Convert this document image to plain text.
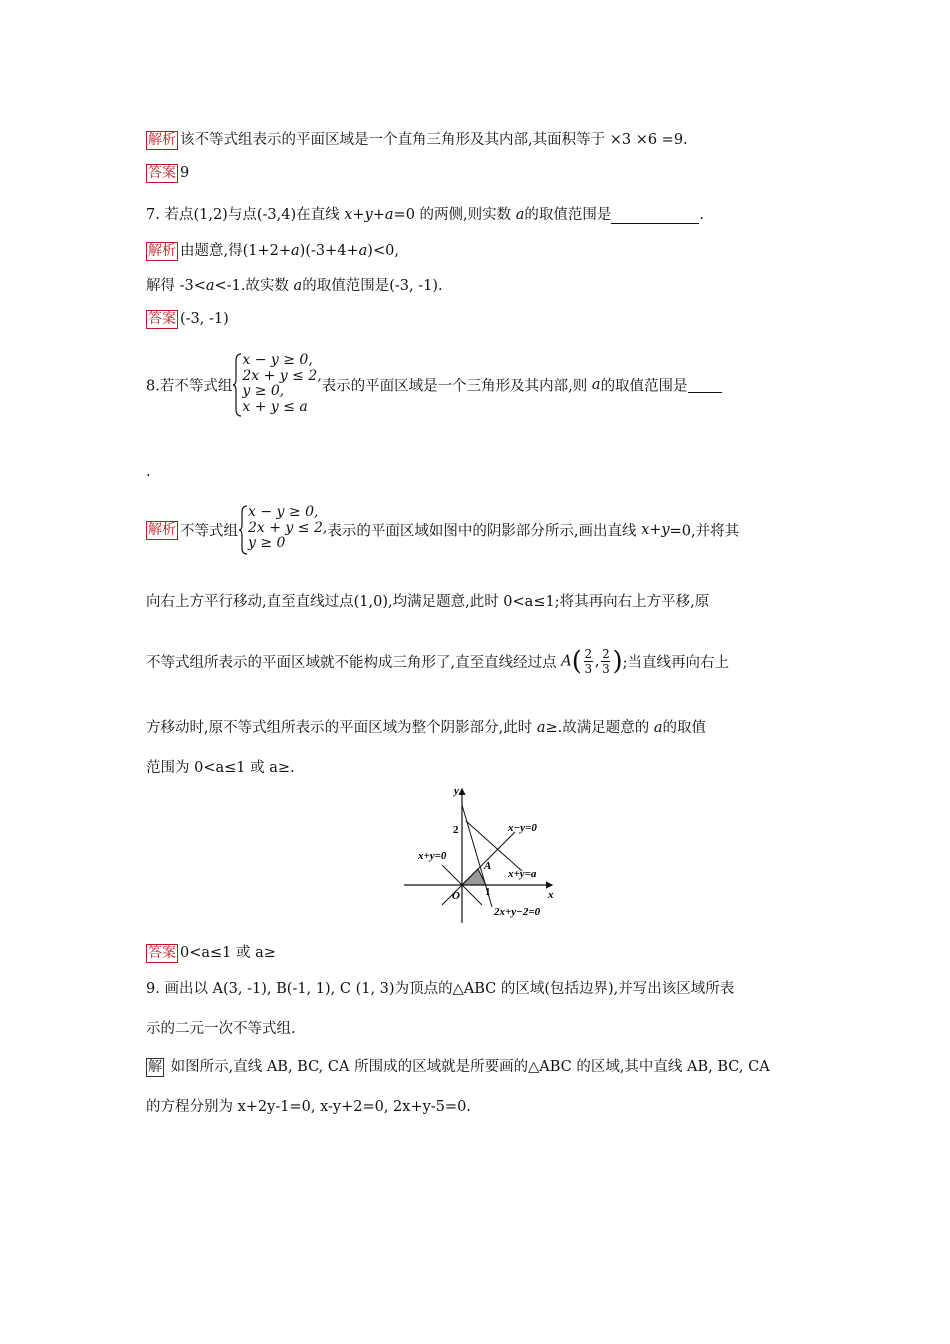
解析 该不等式组表示的平面区域是一个直角三角形及其内部,其面积等于 ×3 ×6 =9.
答案 9
7. 若点(1,2)与点(-3,4)在直线 x+y+a=0 的两侧,则实数 a的取值范围是	.
解析 由题意,得(1+2+a)(-3+4+a)<0,
解得 -3<a<-1.故实数 a的取值范围是(-3, -1).
答案 (-3, -1)
8.若不等式组
x − y ≥ 0,
2x + y ≤ 2,
y ≥ 0,
x + y ≤ a
表示的平面区域是一个三角形及其内部,则 a的取值范围是
.
解析 不等式组
x − y ≥ 0,
2x + y ≤ 2,
y ≥ 0
表示的平面区域如图中的阴影部分所示,画出直线 x+y=0,并将其
向右上方平行移动,直至直线过点(1,0),均满足题意,此时 0<a≤1;将其再向右上方平移,原
不等式组所表示的平面区域就不能构成三角形了,直至直线经过点 $A( \frac{2}{3}$ , $\frac{2}{3}$ );当直线再向右上
方移动时,原不等式组所表示的平面区域为整个阴影部分,此时 a≥.故满足题意的 a的取值
范围为 0<a≤1 或 a≥.
y
x
O
2
1
A
x−y=0
x+y=0
x+y=a
2x+y−2=0
答案 0<a≤1 或 a≥
9. 画出以 A(3, -1), B(-1, 1), C (1, 3)为顶点的△ABC 的区域(包括边界),并写出该区域所表
示的二元一次不等式组.
解 如图所示,直线 AB, BC, CA 所围成的区域就是所要画的△ABC 的区域,其中直线 AB, BC, CA
的方程分别为 x+2y-1=0, x-y+2=0, 2x+y-5=0.
